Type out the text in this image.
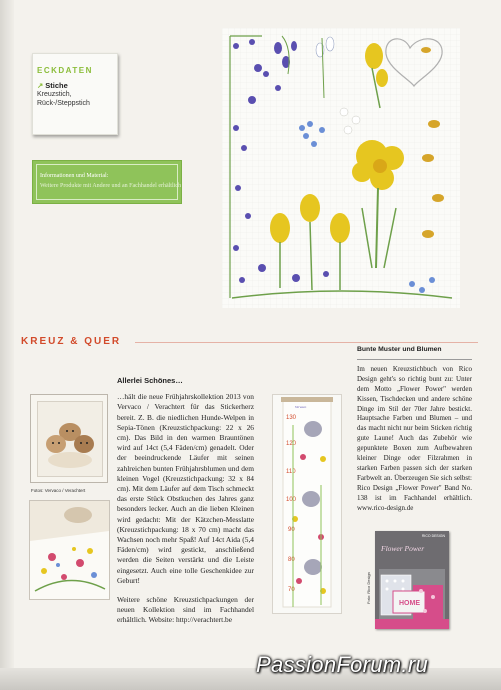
ECKDATEN
↗ Stiche
Kreuzstich,
Rück-/Steppstich
Informationen und Material:
Weitere Produkte mit Andere und an Fachhandel erhältlich
KREUZ & QUER
Fotos: Vervaco / Verachtert
Allerlei Schönes…

…hält die neue Frühjahrskollektion 2013 von Vervaco / Verachtert für das Stickerherz bereit. Z. B. die niedlichen Hunde-Welpen in Sepia-Tönen (Kreuzstichpackung: 22 x 26 cm). Das Bild in den warmen Brauntönen wird auf 14ct (5,4 Fäden/cm) genadelt. Oder der beeindruckende Läufer mit seinen zahlreichen bunten Frühjahrsblumen und dem kleinen Vogel (Kreuzstichpackung: 32 x 84 cm). Mit dem Läufer auf dem Tisch schmeckt das erste Stück Obstkuchen des Jahres ganz besonders lecker. Auch an die lieben Kleinen wird gedacht: Mit der Kätzchen-Messlatte (Kreuzstichpackung: 18 x 70 cm) macht das Wachsen noch mehr Spaß! Auf 14ct Aida (5,4 Fäden/cm) wird gestickt, anschließend werden die Seiten verstärkt und die Leiste eingesetzt. Auch eine tolle Geschenkidee zur Geburt!

Weitere schöne Kreuzstichpackungen der neuen Kollektion sind im Fachhandel erhältlich. Website: http://verachtert.be

Vervaco
130
120
110
100
90
80
70
Bunte Muster und Blumen

Im neuen Kreuzstichbuch von Rico Design geht's so richtig bunt zu: Unter dem Motto „Flower Power" werden Kissen, Tischdecken und andere schöne Dinge im Stil der 70er Jahre bestickt. Hauptsache Farben und Blumen – und das macht nicht nur beim Sticken richtig gute Laune! Auch das Zubehör wie gepunktete Boxen zum Aufbewahren kleiner Dinge oder Filzrahmen in starken Farben passen sich der starken Farbwelt an. Überzeugen Sie sich selbst: Rico Design „Flower Power" Band No. 138 ist im Fachhandel erhältlich. www.rico-design.de

HOME
Flower Power
RICO DESIGN
Foto: Rico Design
PassionForum.ru
